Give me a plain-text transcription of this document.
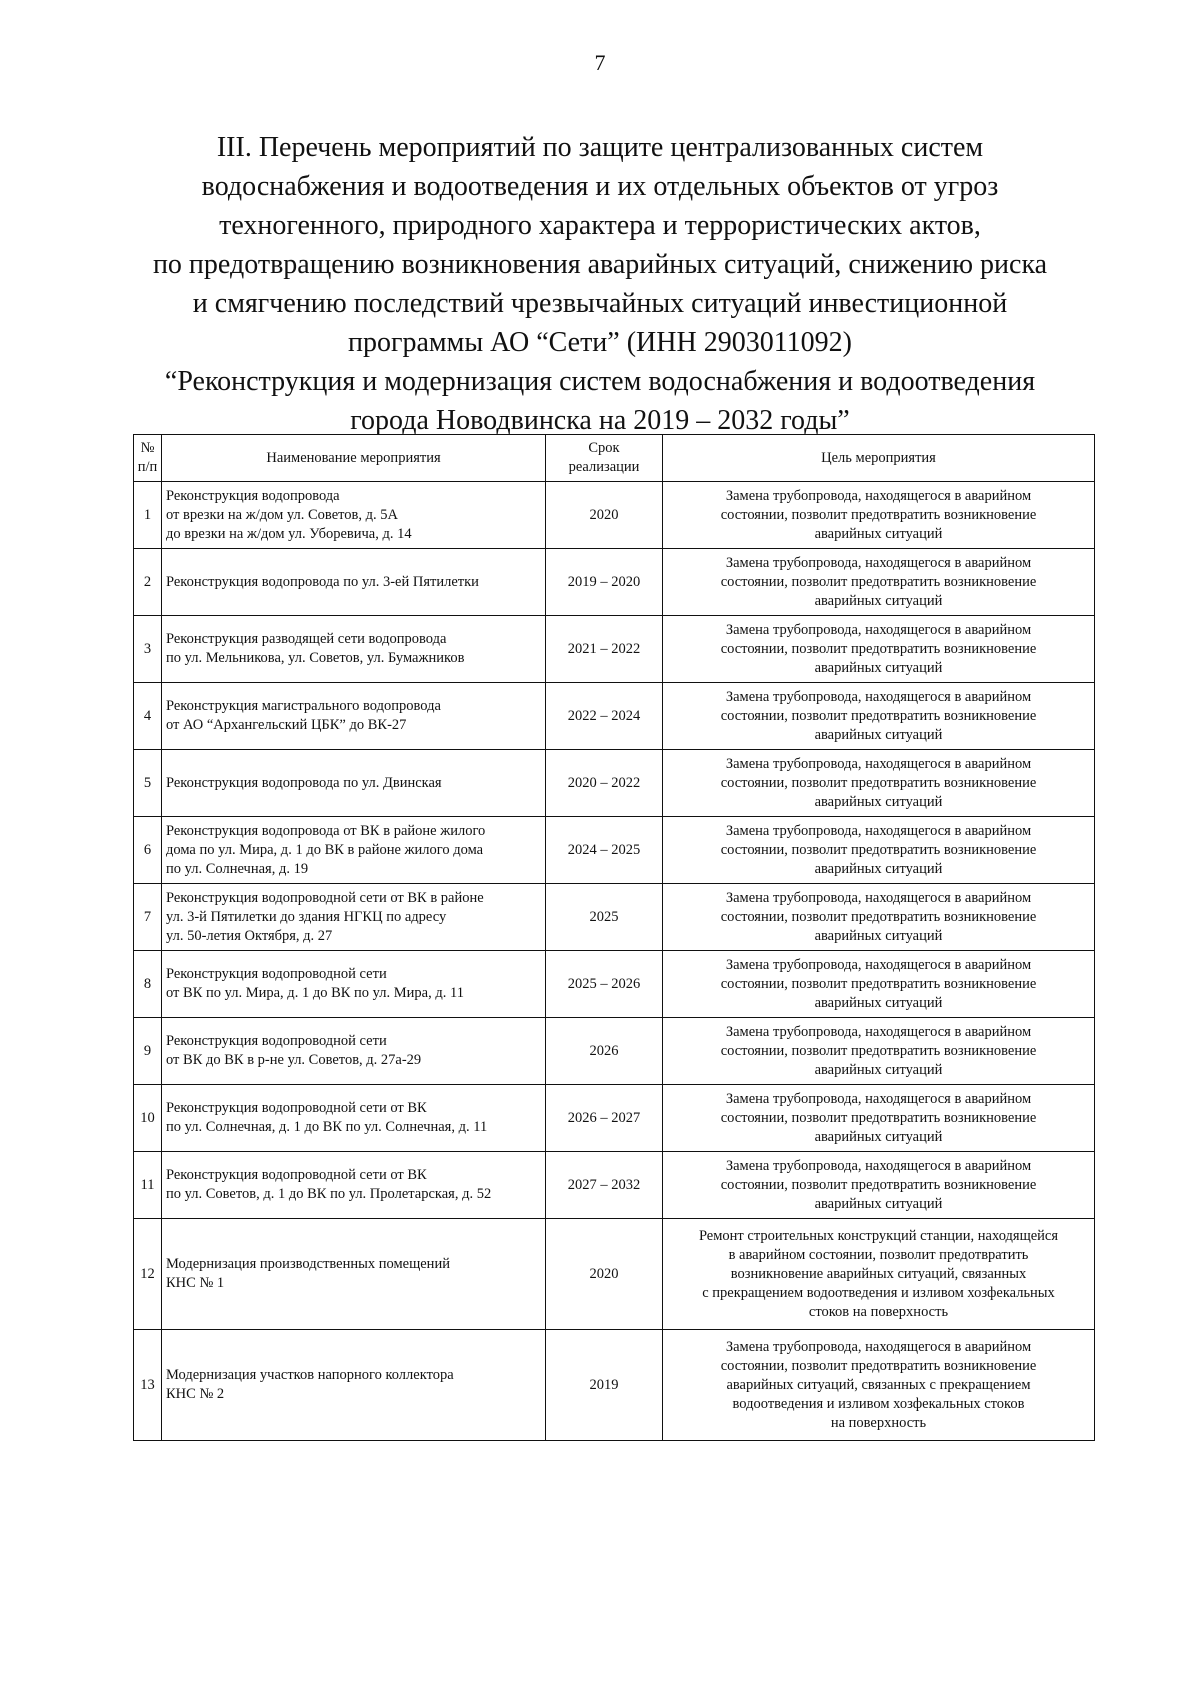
7
III. Перечень мероприятий по защите централизованных систем
водоснабжения и водоотведения и их отдельных объектов от угроз
техногенного, природного характера и террористических актов,
по предотвращению возникновения аварийных ситуаций, снижению риска
и смягчению последствий чрезвычайных ситуаций инвестиционной
программы АО “Сети” (ИНН 2903011092)
“Реконструкция и модернизация систем водоснабжения и водоотведения
города Новодвинска на 2019 – 2032 годы”
№
п/п	Наименование мероприятия	Срок
реализации	Цель мероприятия
1	Реконструкция водопровода
от врезки на ж/дом ул. Советов, д. 5А
до врезки на ж/дом ул. Уборевича, д. 14	2020	Замена трубопровода, находящегося в аварийном
состоянии, позволит предотвратить возникновение
аварийных ситуаций

2	Реконструкция водопровода по ул. 3-ей Пятилетки	2019 – 2020	Замена трубопровода, находящегося в аварийном
состоянии, позволит предотвратить возникновение
аварийных ситуаций

3	Реконструкция разводящей сети водопровода
по ул. Мельникова, ул. Советов, ул. Бумажников	2021 – 2022	Замена трубопровода, находящегося в аварийном
состоянии, позволит предотвратить возникновение
аварийных ситуаций

4	Реконструкция магистрального водопровода
от АО “Архангельский ЦБК” до ВК-27	2022 – 2024	Замена трубопровода, находящегося в аварийном
состоянии, позволит предотвратить возникновение
аварийных ситуаций

5	Реконструкция водопровода по ул. Двинская	2020 – 2022	Замена трубопровода, находящегося в аварийном
состоянии, позволит предотвратить возникновение
аварийных ситуаций

6	Реконструкция водопровода от ВК в районе жилого
дома по ул. Мира, д. 1 до ВК в районе жилого дома
по ул. Солнечная, д. 19	2024 – 2025	Замена трубопровода, находящегося в аварийном
состоянии, позволит предотвратить возникновение
аварийных ситуаций

7	Реконструкция водопроводной сети от ВК в районе
ул. 3-й Пятилетки до здания НГКЦ по адресу
ул. 50-летия Октября, д. 27	2025	Замена трубопровода, находящегося в аварийном
состоянии, позволит предотвратить возникновение
аварийных ситуаций

8	Реконструкция водопроводной сети
от ВК по ул. Мира, д. 1 до ВК по ул. Мира, д. 11	2025 – 2026	Замена трубопровода, находящегося в аварийном
состоянии, позволит предотвратить возникновение
аварийных ситуаций

9	Реконструкция водопроводной сети
от ВК до ВК в р-не ул. Советов, д. 27а-29	2026	Замена трубопровода, находящегося в аварийном
состоянии, позволит предотвратить возникновение
аварийных ситуаций

10	Реконструкция водопроводной сети от ВК
по ул. Солнечная, д. 1 до ВК по ул. Солнечная, д. 11	2026 – 2027	Замена трубопровода, находящегося в аварийном
состоянии, позволит предотвратить возникновение
аварийных ситуаций

11	Реконструкция водопроводной сети от ВК
по ул. Советов, д. 1 до ВК по ул. Пролетарская, д. 52	2027 – 2032	Замена трубопровода, находящегося в аварийном
состоянии, позволит предотвратить возникновение
аварийных ситуаций

12	Модернизация производственных помещений
КНС № 1	2020	Ремонт строительных конструкций станции, находящейся
в аварийном состоянии, позволит предотвратить
возникновение аварийных ситуаций, связанных
с прекращением водоотведения и изливом хозфекальных
стоков на поверхность

13	Модернизация участков напорного коллектора
КНС № 2	2019	Замена трубопровода, находящегося в аварийном
состоянии, позволит предотвратить возникновение
аварийных ситуаций, связанных с прекращением
водоотведения и изливом хозфекальных стоков
на поверхность
